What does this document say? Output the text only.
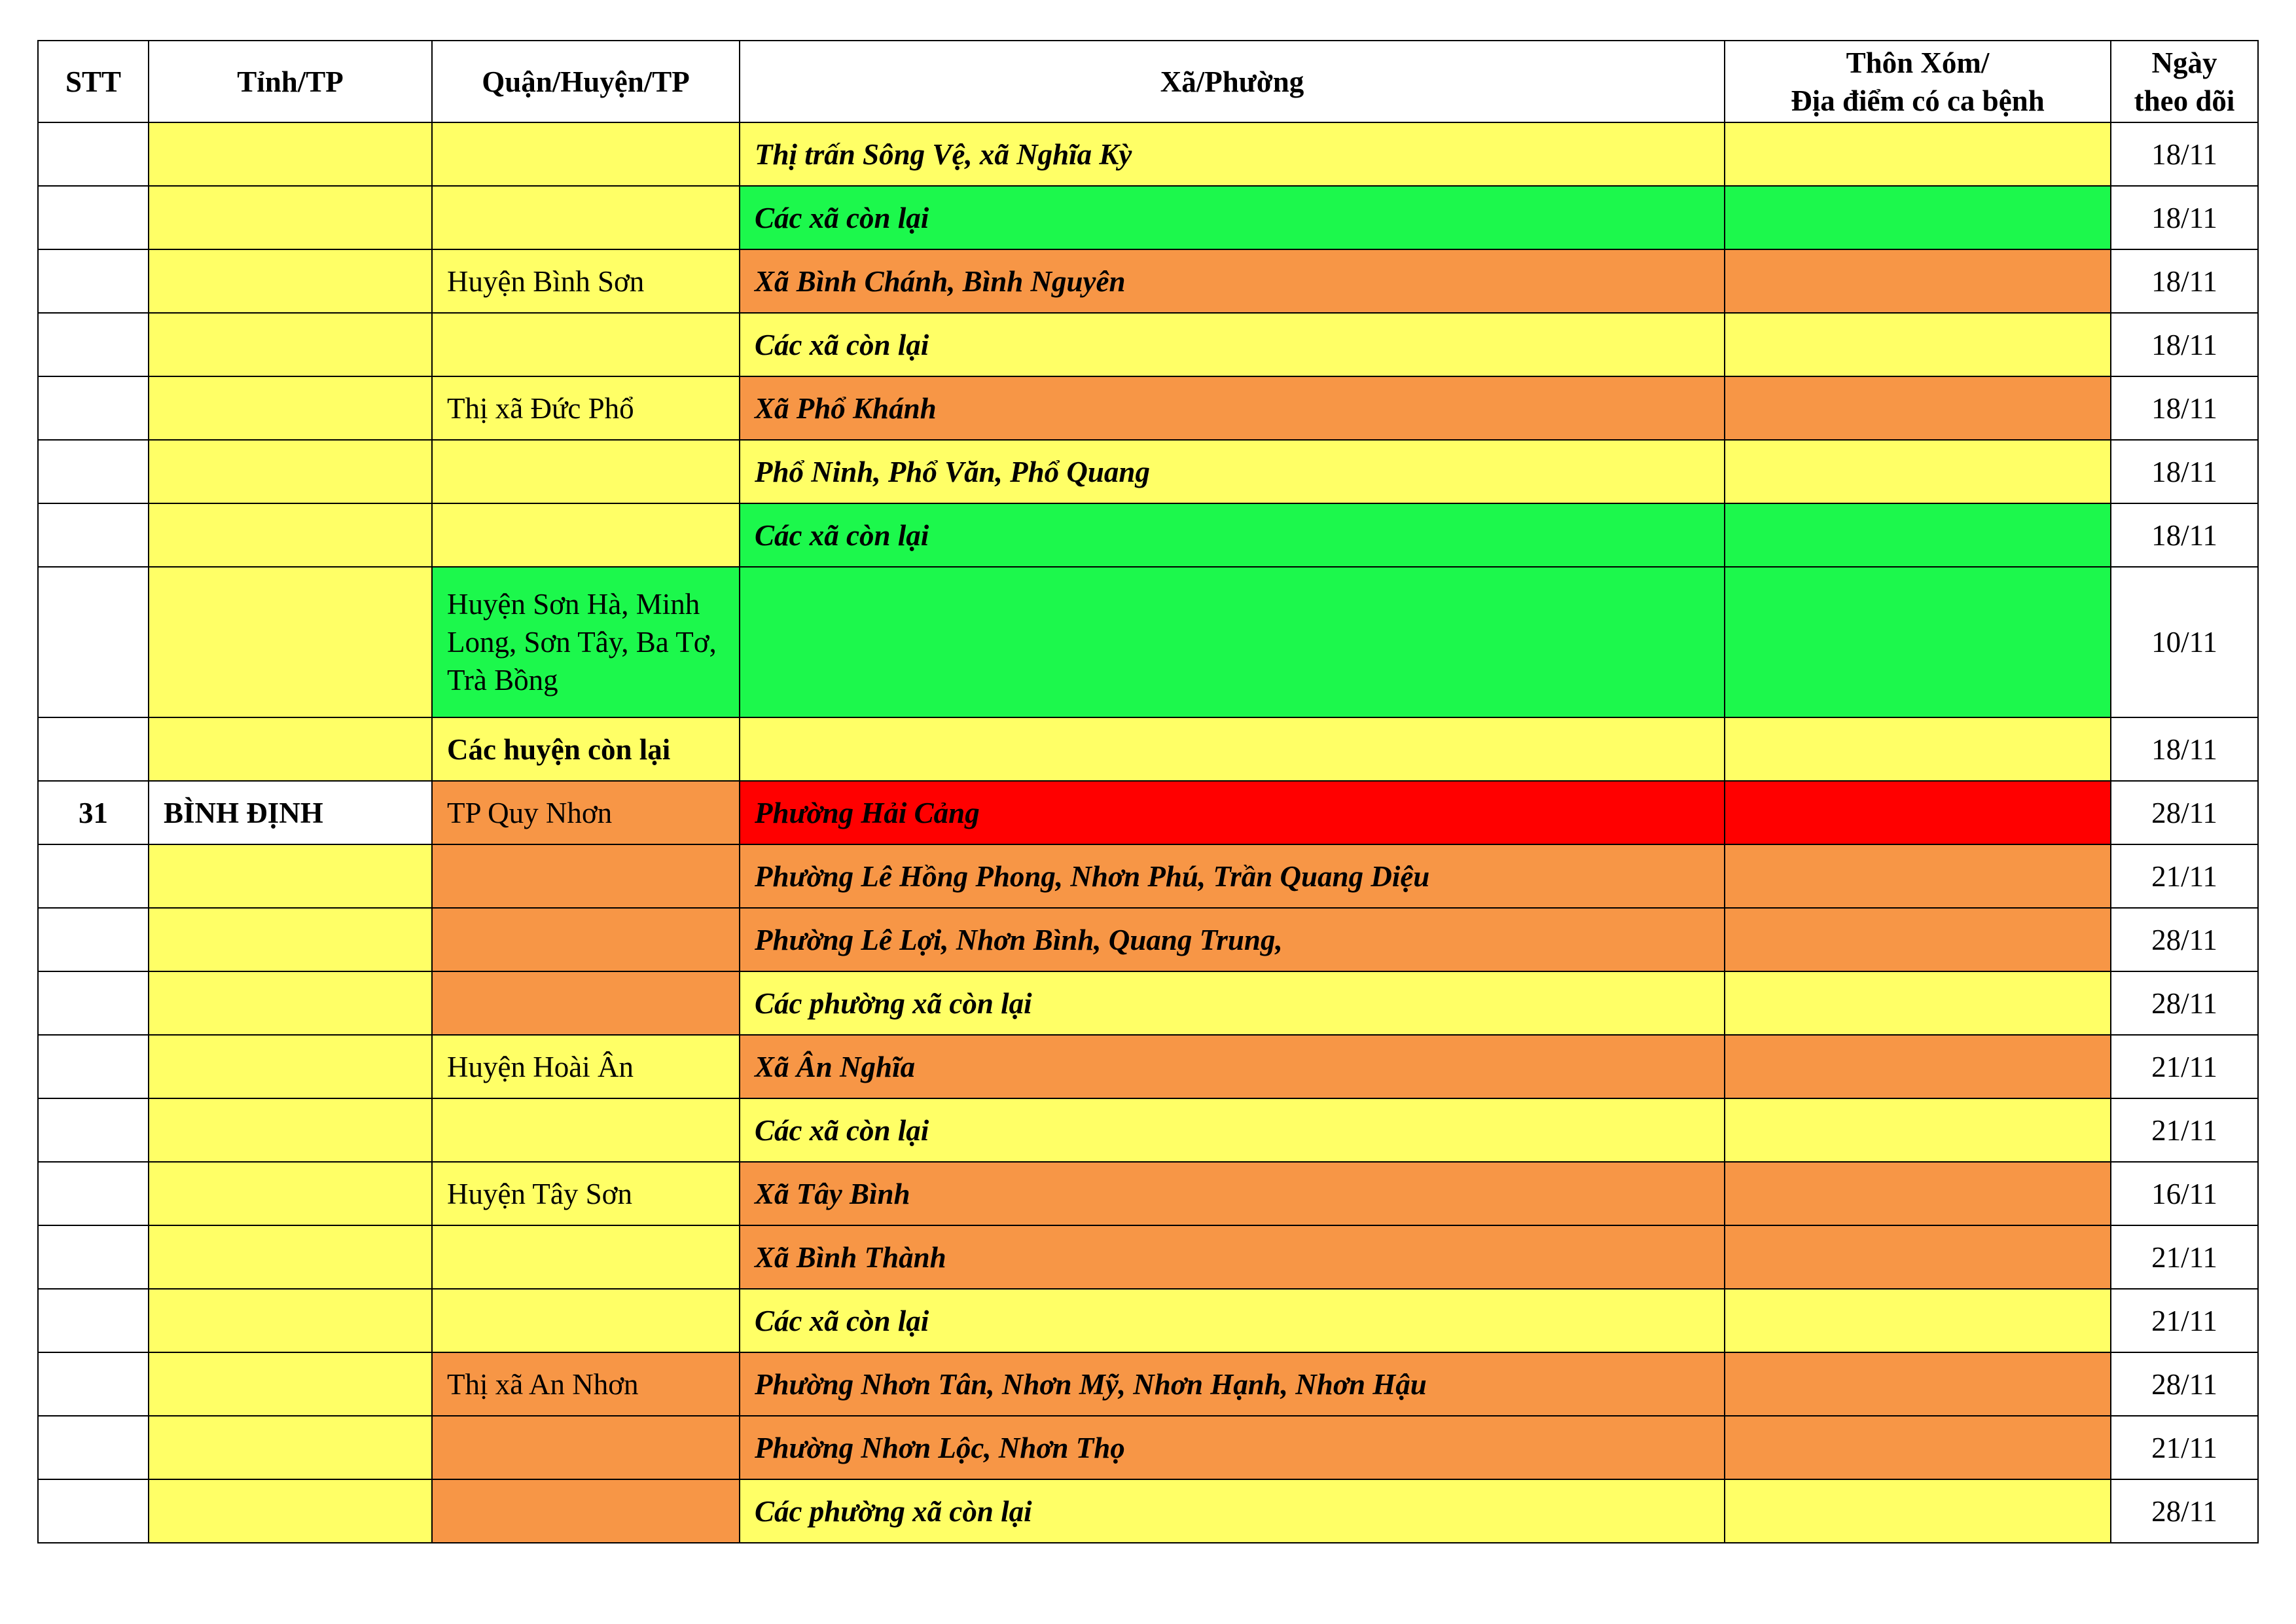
STT	Tỉnh/TP	Quận/Huyện/TP	Xã/Phường	Thôn Xóm/
Địa điểm có ca bệnh	Ngày
theo dõi
			Thị trấn Sông Vệ, xã Nghĩa Kỳ		18/11
			Các xã còn lại		18/11
		Huyện Bình Sơn	Xã Bình Chánh, Bình Nguyên		18/11
			Các xã còn lại		18/11
		Thị xã Đức Phổ	Xã Phổ Khánh		18/11
			Phổ Ninh, Phổ Văn, Phổ Quang		18/11
			Các xã còn lại		18/11
		Huyện Sơn Hà, Minh Long, Sơn Tây, Ba Tơ, Trà Bồng			10/11
		Các huyện còn lại			18/11
31	BÌNH ĐỊNH	TP Quy Nhơn	Phường Hải Cảng		28/11
			Phường Lê Hồng Phong, Nhơn Phú, Trần Quang Diệu		21/11
			Phường Lê Lợi, Nhơn Bình, Quang Trung,		28/11
			Các phường xã còn lại		28/11
		Huyện Hoài Ân	Xã Ân Nghĩa		21/11
			Các xã còn lại		21/11
		Huyện Tây Sơn	Xã Tây Bình		16/11
			Xã Bình Thành		21/11
			Các xã còn lại		21/11
		Thị xã An Nhơn	Phường Nhơn Tân, Nhơn Mỹ, Nhơn Hạnh, Nhơn Hậu		28/11
			Phường Nhơn Lộc, Nhơn Thọ		21/11
			Các phường xã còn lại		28/11
